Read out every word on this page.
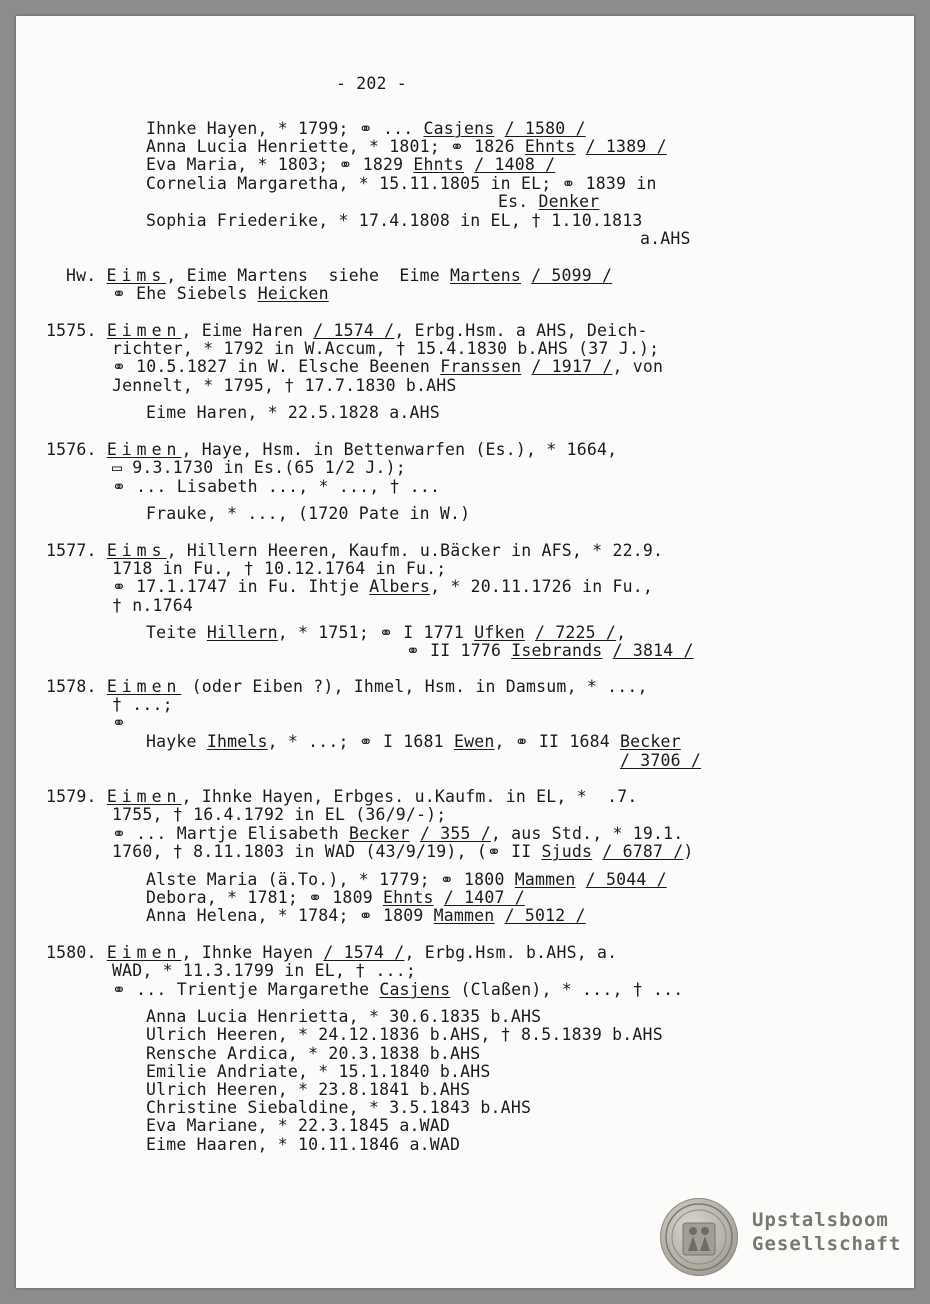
- 202 -
Ihnke Hayen, * 1799; ⚭ ... Casjens / 1580 /
Anna Lucia Henriette, * 1801; ⚭ 1826 Ehnts / 1389 /
Eva Maria, * 1803; ⚭ 1829 Ehnts / 1408 /
Cornelia Margaretha, * 15.11.1805 in EL; ⚭ 1839 in
Es. Denker
Sophia Friederike, * 17.4.1808 in EL, † 1.10.1813
a.AHS
Hw. Eims, Eime Martens  siehe  Eime Martens / 5099 /
⚭ Ehe Siebels Heicken
1575. Eimen, Eime Haren / 1574 /, Erbg.Hsm. a AHS, Deich-
richter, * 1792 in W.Accum, † 15.4.1830 b.AHS (37 J.);
⚭ 10.5.1827 in W. Elsche Beenen Franssen / 1917 /, von
Jennelt, * 1795, † 17.7.1830 b.AHS
Eime Haren, * 22.5.1828 a.AHS
1576. Eimen, Haye, Hsm. in Bettenwarfen (Es.), * 1664,
▭ 9.3.1730 in Es.(65 1/2 J.);
⚭ ... Lisabeth ..., * ..., † ...
Frauke, * ..., (1720 Pate in W.)
1577. Eims, Hillern Heeren, Kaufm. u.Bäcker in AFS, * 22.9.
1718 in Fu., † 10.12.1764 in Fu.;
⚭ 17.1.1747 in Fu. Ihtje Albers, * 20.11.1726 in Fu.,
† n.1764
Teite Hillern, * 1751; ⚭ I 1771 Ufken / 7225 /,
⚭ II 1776 Isebrands / 3814 /
1578. Eimen (oder Eiben ?), Ihmel, Hsm. in Damsum, * ...,
† ...;
⚭
Hayke Ihmels, * ...; ⚭ I 1681 Ewen, ⚭ II 1684 Becker
/ 3706 /
1579. Eimen, Ihnke Hayen, Erbges. u.Kaufm. in EL, *  .7.
1755, † 16.4.1792 in EL (36/9/-);
⚭ ... Martje Elisabeth Becker / 355 /, aus Std., * 19.1.
1760, † 8.11.1803 in WAD (43/9/19), (⚭ II Sjuds / 6787 /)
Alste Maria (ä.To.), * 1779; ⚭ 1800 Mammen / 5044 /
Debora, * 1781; ⚭ 1809 Ehnts / 1407 /
Anna Helena, * 1784; ⚭ 1809 Mammen / 5012 /
1580. Eimen, Ihnke Hayen / 1574 /, Erbg.Hsm. b.AHS, a.
WAD, * 11.3.1799 in EL, † ...;
⚭ ... Trientje Margarethe Casjens (Claßen), * ..., † ...
Anna Lucia Henrietta, * 30.6.1835 b.AHS
Ulrich Heeren, * 24.12.1836 b.AHS, † 8.5.1839 b.AHS
Rensche Ardica, * 20.3.1838 b.AHS
Emilie Andriate, * 15.1.1840 b.AHS
Ulrich Heeren, * 23.8.1841 b.AHS
Christine Siebaldine, * 3.5.1843 b.AHS
Eva Mariane, * 22.3.1845 a.WAD
Eime Haaren, * 10.11.1846 a.WAD
Upstalsboom
Gesellschaft
